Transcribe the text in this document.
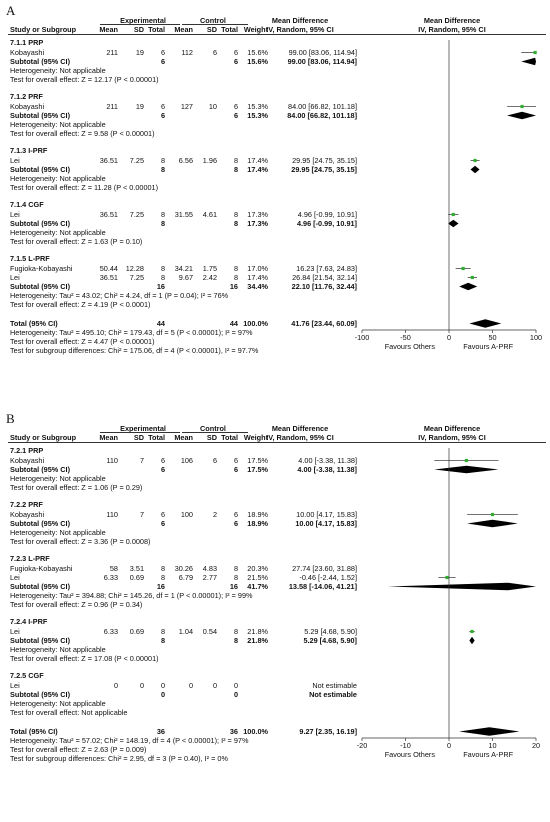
A
Experimental	Control	Mean Difference	Mean Difference
Study or Subgroup	Mean	SD Total	Mean	SD Total Weight
IV, Random, 95% CI	IV, Random, 95% CI
7.1.1 PRP
Kobayashi	211	19	6	112	6	6	15.6%	99.00 [83.06, 114.94]
Subtotal (95% CI)	6	6	15.6%	99.00 [83.06, 114.94]
Heterogeneity: Not applicable
Test for overall effect: Z = 12.17 (P < 0.00001)
7.1.2 PRF
Kobayashi	211	19	6	127	10	6	15.3%	84.00 [66.82, 101.18]
Subtotal (95% CI)	6	6	15.3%	84.00 [66.82, 101.18]
Heterogeneity: Not applicable
Test for overall effect: Z = 9.58 (P < 0.00001)
7.1.3 I-PRF
Lei	36.51	7.25	8	6.56	1.96	8	17.4%	29.95 [24.75, 35.15]
Subtotal (95% CI)	8	8	17.4%	29.95 [24.75, 35.15]
Heterogeneity: Not applicable
Test for overall effect: Z = 11.28 (P < 0.00001)
7.1.4 CGF
Lei	36.51	7.25	8	31.55	4.61	8	17.3%	4.96 [-0.99, 10.91]
Subtotal (95% CI)	8	8	17.3%	4.96 [-0.99, 10.91]
Heterogeneity: Not applicable
Test for overall effect: Z = 1.63 (P = 0.10)
7.1.5 L-PRF
Fugioka-Kobayashi	50.44	12.28	8	34.21	1.75	8	17.0%	16.23 [7.63, 24.83]
Lei	36.51	7.25	8	9.67	2.42	8	17.4%	26.84 [21.54, 32.14]
Subtotal (95% CI)	16	16	34.4%	22.10 [11.76, 32.44]
Heterogeneity: Tau² = 43.02; Chi² = 4.24, df = 1 (P = 0.04); I² = 76%
Test for overall effect: Z = 4.19 (P < 0.0001)
Total (95% CI)	44	44 100.0%	41.76 [23.44, 60.09]
Heterogeneity: Tau² = 495.10; Chi² = 179.43, df = 5 (P < 0.00001); I² = 97%
Test for overall effect: Z = 4.47 (P < 0.00001)
Test for subgroup differences: Chi² = 175.06, df = 4 (P < 0.00001), I² = 97.7%
-100	-50	0	50	100
Favours Others	Favours A-PRF
B
Experimental	Control	Mean Difference	Mean Difference
Study or Subgroup	Mean	SD Total	Mean	SD Total Weight
IV, Random, 95% CI	IV, Random, 95% CI
7.2.1 PRP
Kobayashi	110	7	6	106	6	6	17.5%	4.00 [-3.38, 11.38]
Subtotal (95% CI)	6	6	17.5%	4.00 [-3.38, 11.38]
Heterogeneity: Not applicable
Test for overall effect: Z = 1.06 (P = 0.29)
7.2.2 PRF
Kobayashi	110	7	6	100	2	6	18.9%	10.00 [4.17, 15.83]
Subtotal (95% CI)	6	6	18.9%	10.00 [4.17, 15.83]
Heterogeneity: Not applicable
Test for overall effect: Z = 3.36 (P = 0.0008)
7.2.3 L-PRF
Fugioka-Kobayashi	58	3.51	8	30.26	4.83	8	20.3%	27.74 [23.60, 31.88]
Lei	6.33	0.69	8	6.79	2.77	8	21.5%	-0.46 [-2.44, 1.52]
Subtotal (95% CI)	16	16	41.7%	13.58 [-14.06, 41.21]
Heterogeneity: Tau² = 394.88; Chi² = 145.26, df = 1 (P < 0.00001); I² = 99%
Test for overall effect: Z = 0.96 (P = 0.34)
7.2.4 I-PRF
Lei	6.33	0.69	8	1.04	0.54	8	21.8%	5.29 [4.68, 5.90]
Subtotal (95% CI)	8	8	21.8%	5.29 [4.68, 5.90]
Heterogeneity: Not applicable
Test for overall effect: Z = 17.08 (P < 0.00001)
7.2.5 CGF
Lei	0	0	0	0	0	0	Not estimable
Subtotal (95% CI)	0	0	Not estimable
Heterogeneity: Not applicable
Test for overall effect: Not applicable
Total (95% CI)	36	36 100.0%	9.27 [2.35, 16.19]
Heterogeneity: Tau² = 57.02; Chi² = 148.19, df = 4 (P < 0.00001); I² = 97%
Test for overall effect: Z = 2.63 (P = 0.009)
Test for subgroup differences: Chi² = 2.95, df = 3 (P = 0.40), I² = 0%
-20	-10	0	10	20
Favours Others	Favours A-PRF
